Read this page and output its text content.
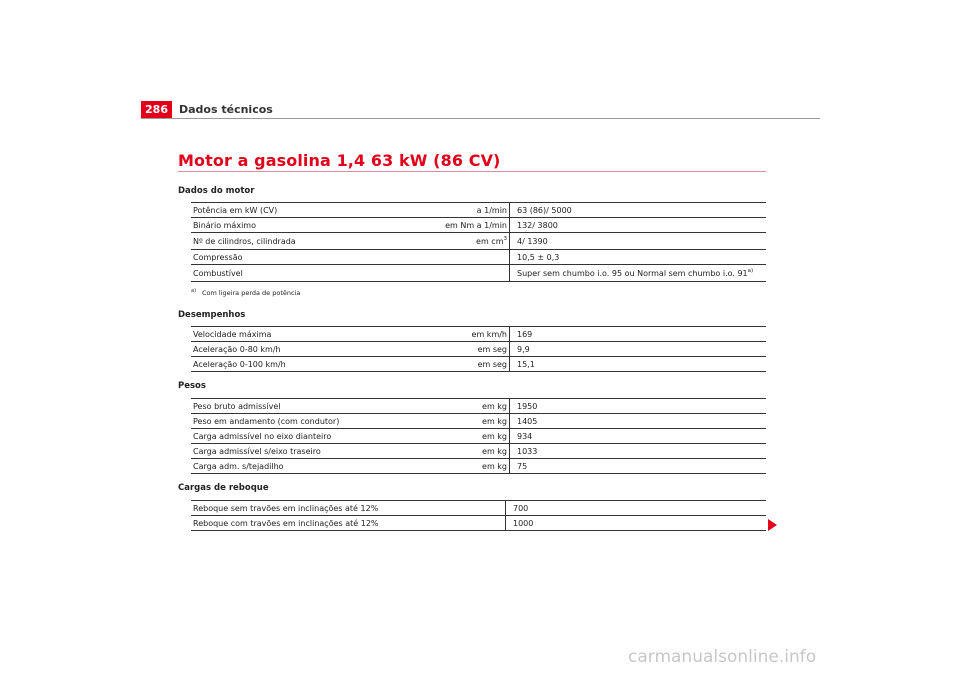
286	Dados técnicos
Motor a gasolina 1,4 63 kW (86 CV)
Dados do motor
Potência em kW (CV)	a 1/min		63 (86)/ 5000
Binário máximo	em Nm a 1/min		132/ 3800
Nº de cilindros, cilindrada	em $cm^3$		4/ 1390
Compressão			10,5 ± 0,3
Combustível			Super sem chumbo i.o. 95 ou Normal sem chumbo i.o. 91$^{a)}$
$^{a)}$ Com ligeira perda de potência
Desempenhos
Velocidade máxima	em km/h		169
Aceleração 0-80 km/h	em seg		9,9
Aceleração 0-100 km/h	em seg		15,1
Pesos
Peso bruto admissível	em kg		1950
Peso em andamento (com condutor)	em kg		1405
Carga admissível no eixo dianteiro	em kg		934
Carga admissível s/eixo traseiro	em kg		1033
Carga adm. s/tejadilho	em kg		75
Cargas de reboque
Reboque sem travões em inclinações até 12%		700
Reboque com travões em inclinações até 12%		1000
carmanualsonline.info
